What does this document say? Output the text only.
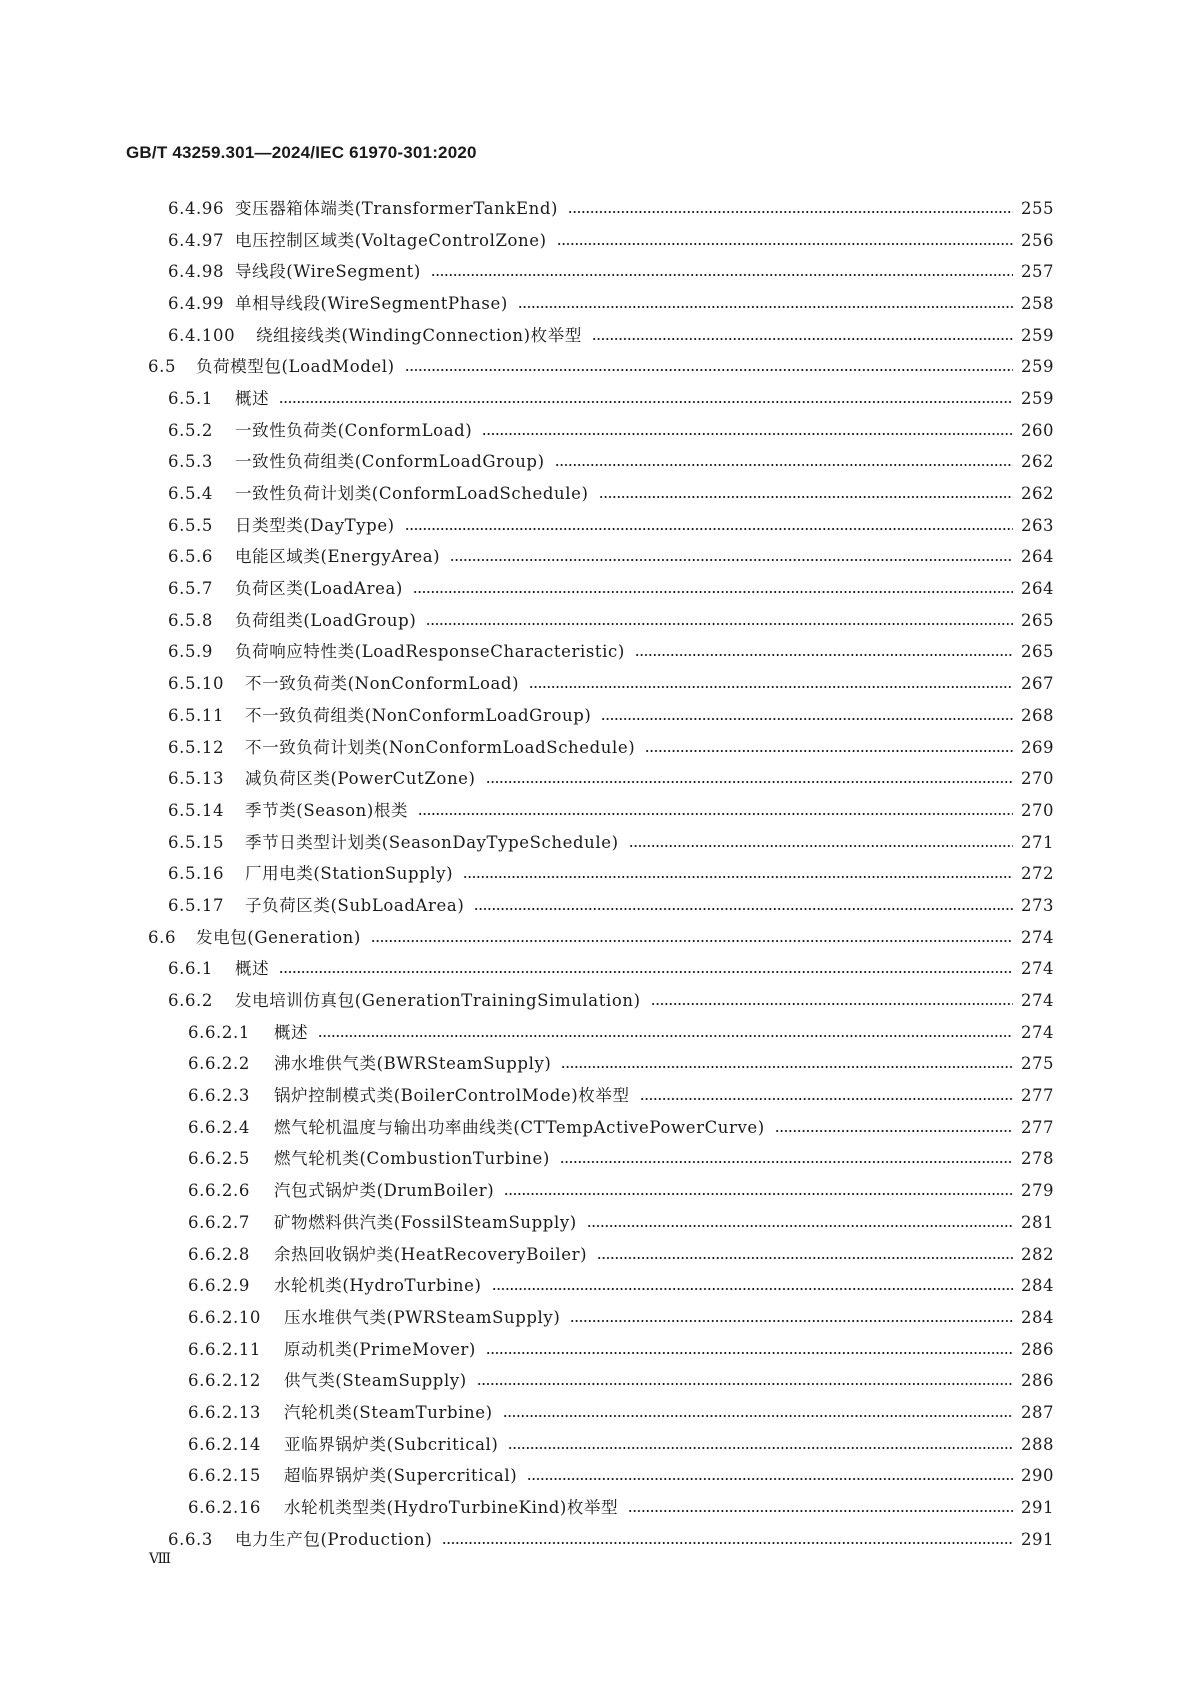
GB/T 43259.301—2024/IEC 61970-301:2020
6.4.96 变压器箱体端类(TransformerTankEnd)	255
6.4.97 电压控制区域类(VoltageControlZone)	256
6.4.98 导线段(WireSegment)	257
6.4.99 单相导线段(WireSegmentPhase)	258
6.4.100	绕组接线类(WindingConnection)枚举型	259
6.5	负荷模型包(LoadModel)	259
6.5.1	概述	259
6.5.2	一致性负荷类(ConformLoad)	260
6.5.3	一致性负荷组类(ConformLoadGroup)	262
6.5.4	一致性负荷计划类(ConformLoadSchedule)	262
6.5.5	日类型类(DayType)	263
6.5.6	电能区域类(EnergyArea)	264
6.5.7	负荷区类(LoadArea)	264
6.5.8	负荷组类(LoadGroup)	265
6.5.9	负荷响应特性类(LoadResponseCharacteristic)	265
6.5.10	不一致负荷类(NonConformLoad)	267
6.5.11	不一致负荷组类(NonConformLoadGroup)	268
6.5.12	不一致负荷计划类(NonConformLoadSchedule)	269
6.5.13	减负荷区类(PowerCutZone)	270
6.5.14	季节类(Season)根类	270
6.5.15	季节日类型计划类(SeasonDayTypeSchedule)	271
6.5.16	厂用电类(StationSupply)	272
6.5.17	子负荷区类(SubLoadArea)	273
6.6	发电包(Generation)	274
6.6.1	概述	274
6.6.2	发电培训仿真包(GenerationTrainingSimulation)	274
6.6.2.1	概述	274
6.6.2.2	沸水堆供气类(BWRSteamSupply)	275
6.6.2.3	锅炉控制模式类(BoilerControlMode)枚举型	277
6.6.2.4	燃气轮机温度与输出功率曲线类(CTTempActivePowerCurve)	277
6.6.2.5	燃气轮机类(CombustionTurbine)	278
6.6.2.6	汽包式锅炉类(DrumBoiler)	279
6.6.2.7	矿物燃料供汽类(FossilSteamSupply)	281
6.6.2.8	余热回收锅炉类(HeatRecoveryBoiler)	282
6.6.2.9	水轮机类(HydroTurbine)	284
6.6.2.10	压水堆供气类(PWRSteamSupply)	284
6.6.2.11	原动机类(PrimeMover)	286
6.6.2.12	供气类(SteamSupply)	286
6.6.2.13	汽轮机类(SteamTurbine)	287
6.6.2.14	亚临界锅炉类(Subcritical)	288
6.6.2.15	超临界锅炉类(Supercritical)	290
6.6.2.16	水轮机类型类(HydroTurbineKind)枚举型	291
6.6.3	电力生产包(Production)	291
Ⅷ
